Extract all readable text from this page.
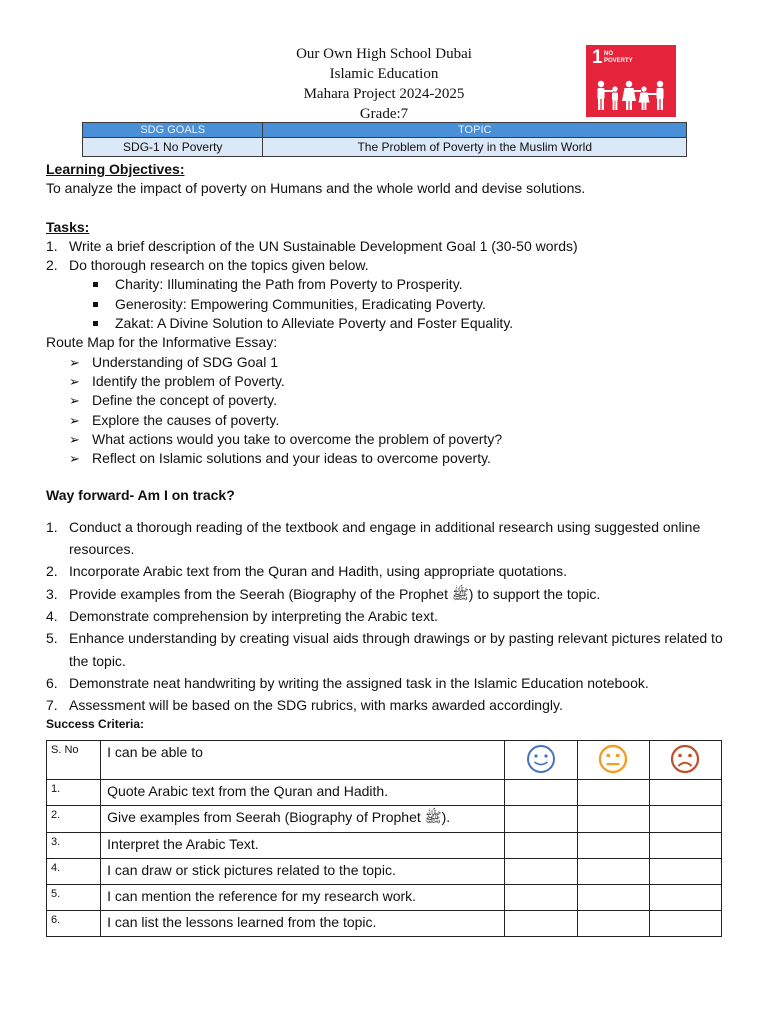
Our Own High School Dubai
Islamic Education
Mahara Project 2024-2025
Grade:7
1 NO
POVERTY
SDG GOALS	TOPIC
SDG-1 No Poverty	The Problem of Poverty in the Muslim World

Learning Objectives:

To analyze the impact of poverty on Humans and the whole world and devise solutions.

Tasks:

1. Write a brief description of the UN Sustainable Development Goal 1 (30-50 words)
2. Do thorough research on the topics given below.
Charity: Illuminating the Path from Poverty to Prosperity.
Generosity: Empowering Communities, Eradicating Poverty.
Zakat: A Divine Solution to Alleviate Poverty and Foster Equality.

Route Map for the Informative Essay:

➢ Understanding of SDG Goal 1
➢ Identify the problem of Poverty.
➢ Define the concept of poverty.
➢ Explore the causes of poverty.
➢ What actions would you take to overcome the problem of poverty?
➢ Reflect on Islamic solutions and your ideas to overcome poverty.

Way forward- Am I on track?

1. Conduct a thorough reading of the textbook and engage in additional research using suggested online resources.
2. Incorporate Arabic text from the Quran and Hadith, using appropriate quotations.
3. Provide examples from the Seerah (Biography of the Prophet ﷺ) to support the topic.
4. Demonstrate comprehension by interpreting the Arabic text.
5. Enhance understanding by creating visual aids through drawings or by pasting relevant pictures related to the topic.
6. Demonstrate neat handwriting by writing the assigned task in the Islamic Education notebook.
7. Assessment will be based on the SDG rubrics, with marks awarded accordingly.

Success Criteria:

S. No	I can be able to			
1.	Quote Arabic text from the Quran and Hadith.			
2.	Give examples from Seerah (Biography of Prophet ﷺ).			
3.	Interpret the Arabic Text.			
4.	I can draw or stick pictures related to the topic.			
5.	I can mention the reference for my research work.			
6.	I can list the lessons learned from the topic.			
